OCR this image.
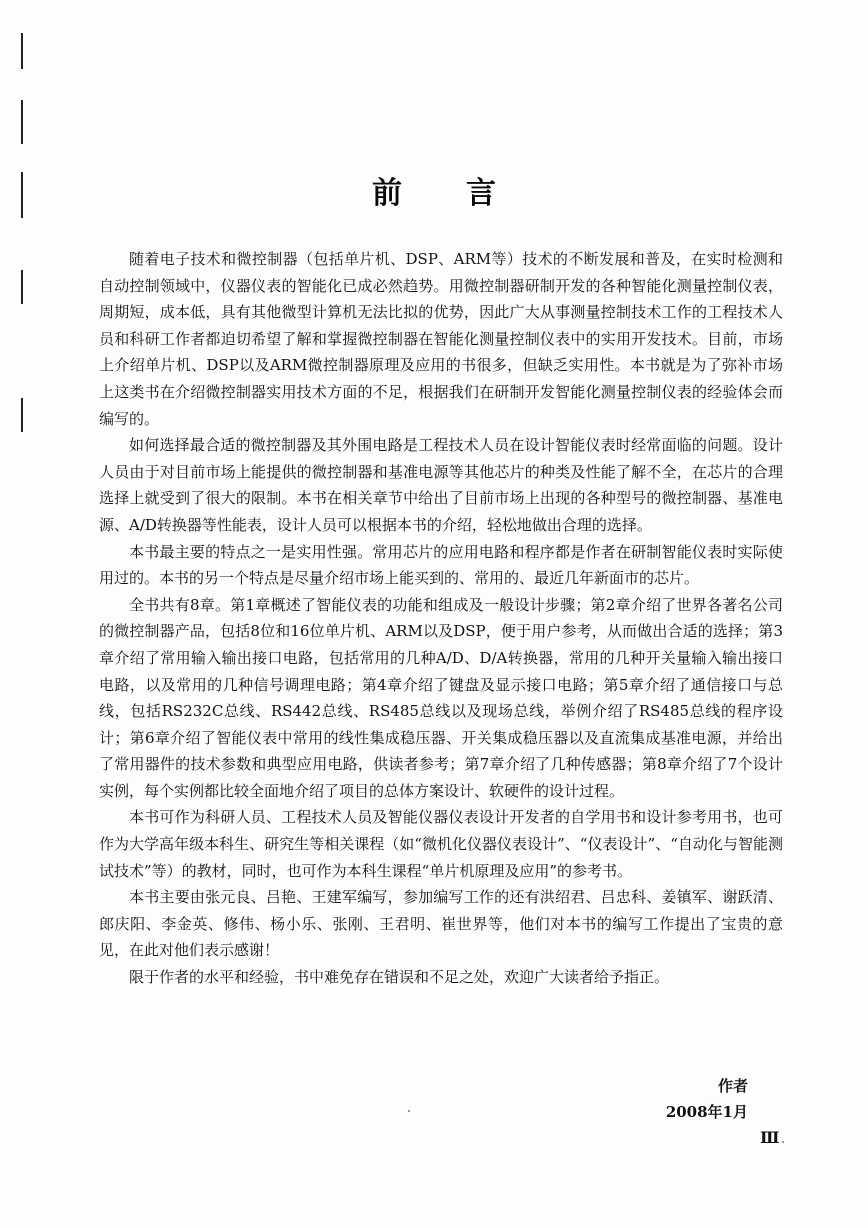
前言

随着电子技术和微控制器（包括单片机、DSP、ARM等）技术的不断发展和普及，在实时检测和自动控制领域中，仪器仪表的智能化已成必然趋势。用微控制器研制开发的各种智能化测量控制仪表，周期短，成本低，具有其他微型计算机无法比拟的优势，因此广大从事测量控制技术工作的工程技术人员和科研工作者都迫切希望了解和掌握微控制器在智能化测量控制仪表中的实用开发技术。目前，市场上介绍单片机、DSP以及ARM微控制器原理及应用的书很多，但缺乏实用性。本书就是为了弥补市场上这类书在介绍微控制器实用技术方面的不足，根据我们在研制开发智能化测量控制仪表的经验体会而编写的。

如何选择最合适的微控制器及其外围电路是工程技术人员在设计智能仪表时经常面临的问题。设计人员由于对目前市场上能提供的微控制器和基准电源等其他芯片的种类及性能了解不全，在芯片的合理选择上就受到了很大的限制。本书在相关章节中给出了目前市场上出现的各种型号的微控制器、基准电源、A/D转换器等性能表，设计人员可以根据本书的介绍，轻松地做出合理的选择。

本书最主要的特点之一是实用性强。常用芯片的应用电路和程序都是作者在研制智能仪表时实际使用过的。本书的另一个特点是尽量介绍市场上能买到的、常用的、最近几年新面市的芯片。

全书共有8章。第1章概述了智能仪表的功能和组成及一般设计步骤；第2章介绍了世界各著名公司的微控制器产品，包括8位和16位单片机、ARM以及DSP，便于用户参考，从而做出合适的选择；第3章介绍了常用输入输出接口电路，包括常用的几种A/D、D/A转换器，常用的几种开关量输入输出接口电路，以及常用的几种信号调理电路；第4章介绍了键盘及显示接口电路；第5章介绍了通信接口与总线，包括RS232C总线、RS442总线、RS485总线以及现场总线，举例介绍了RS485总线的程序设计；第6章介绍了智能仪表中常用的线性集成稳压器、开关集成稳压器以及直流集成基准电源，并给出了常用器件的技术参数和典型应用电路，供读者参考；第7章介绍了几种传感器；第8章介绍了7个设计实例，每个实例都比较全面地介绍了项目的总体方案设计、软硬件的设计过程。

本书可作为科研人员、工程技术人员及智能仪器仪表设计开发者的自学用书和设计参考用书，也可作为大学高年级本科生、研究生等相关课程（如“微机化仪器仪表设计”、“仪表设计”、“自动化与智能测试技术”等）的教材，同时，也可作为本科生课程“单片机原理及应用”的参考书。

本书主要由张元良、吕艳、王建军编写，参加编写工作的还有洪绍君、吕忠科、姜镇军、谢跃清、郎庆阳、李金英、修伟、杨小乐、张刚、王君明、崔世界等，他们对本书的编写工作提出了宝贵的意见，在此对他们表示感谢！

限于作者的水平和经验，书中难免存在错误和不足之处，欢迎广大读者给予指正。

作者
2008年1月
Ⅲ
